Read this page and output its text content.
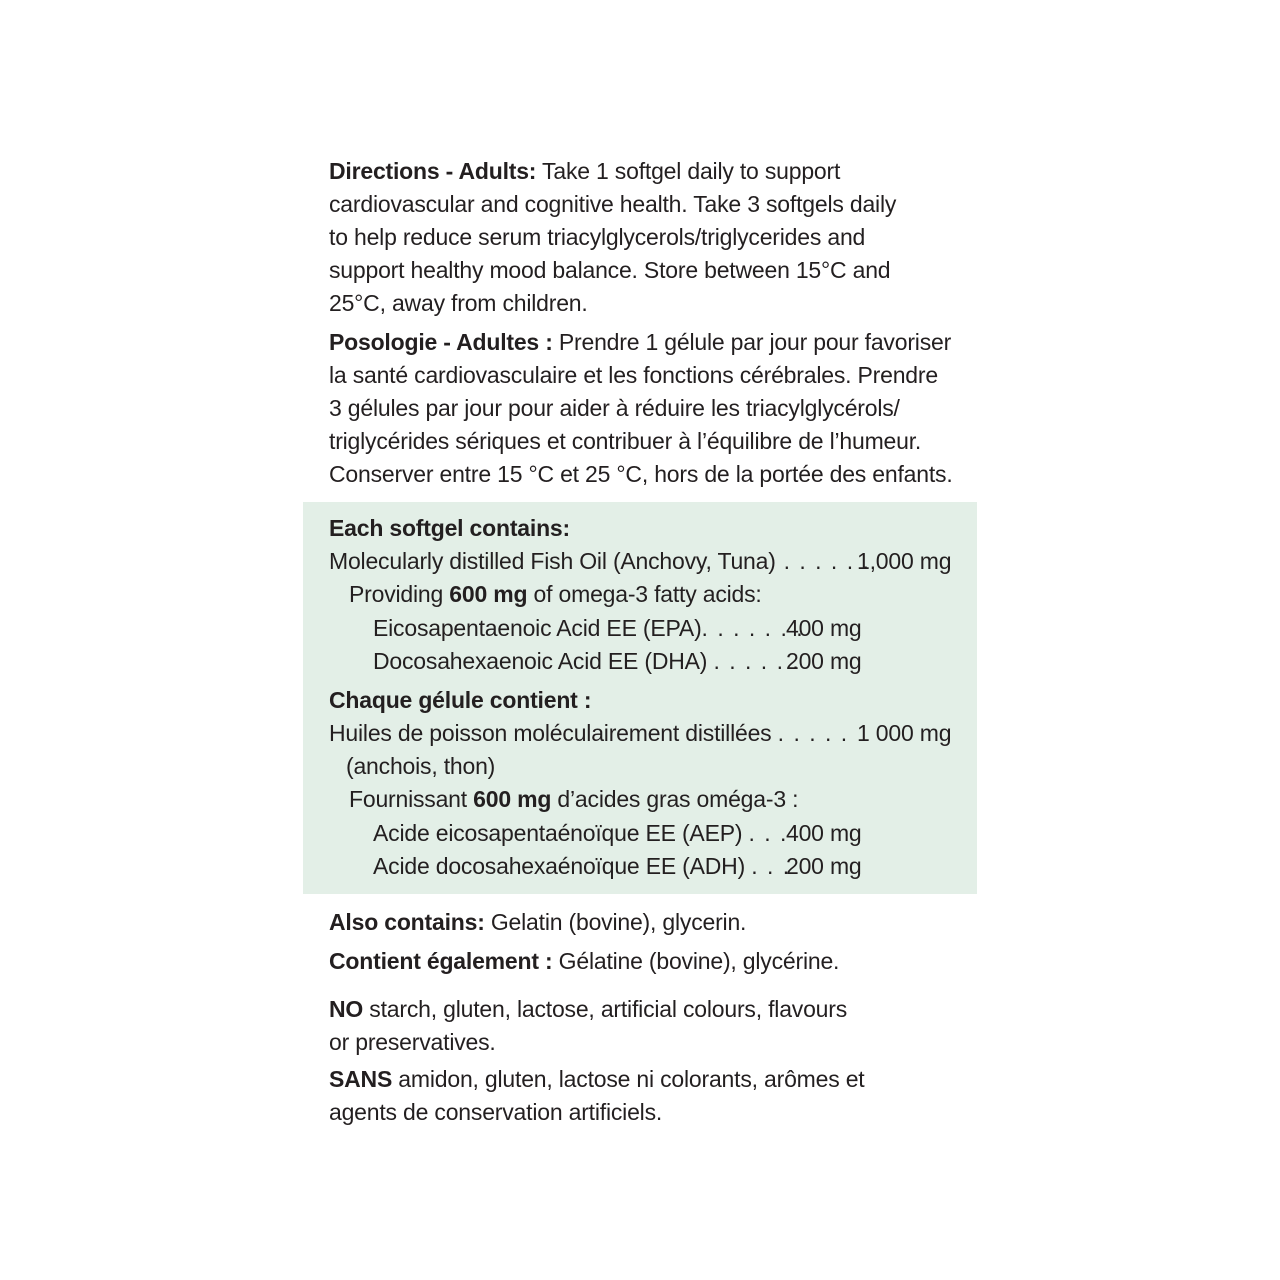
Directions - Adults: Take 1 softgel daily to support
cardiovascular and cognitive health. Take 3 softgels daily
to help reduce serum triacylglycerols/triglycerides and
support healthy mood balance. Store between 15°C and
25°C, away from children.
Posologie - Adultes : Prendre 1 gélule par jour pour favoriser
la santé cardiovasculaire et les fonctions cérébrales. Prendre
3 gélules par jour pour aider à réduire les triacylglycérols/
triglycérides sériques et contribuer à l’équilibre de l’humeur.
Conserver entre 15 °C et 25 °C, hors de la portée des enfants.
Each softgel contains:
Molecularly distilled Fish Oil (Anchovy, Tuna) . . . . . .
1,000 mg
Providing 600 mg of omega-3 fatty acids:
Eicosapentaenoic Acid EE (EPA). . . . . . .
400 mg
Docosahexaenoic Acid EE (DHA) . . . . . .
200 mg
Chaque gélule contient :
Huiles de poisson moléculairement distillées . . . . . 1 000 mg
(anchois, thon)
Fournissant 600 mg d’acides gras oméga-3 :
Acide eicosapentaénoïque EE (AEP) . . .
400 mg
Acide docosahexaénoïque EE (ADH) . . .
200 mg
Also contains: Gelatin (bovine), glycerin.
Contient également : Gélatine (bovine), glycérine.
NO starch, gluten, lactose, artificial colours, flavours
or preservatives.
SANS amidon, gluten, lactose ni colorants, arômes et
agents de conservation artificiels.
